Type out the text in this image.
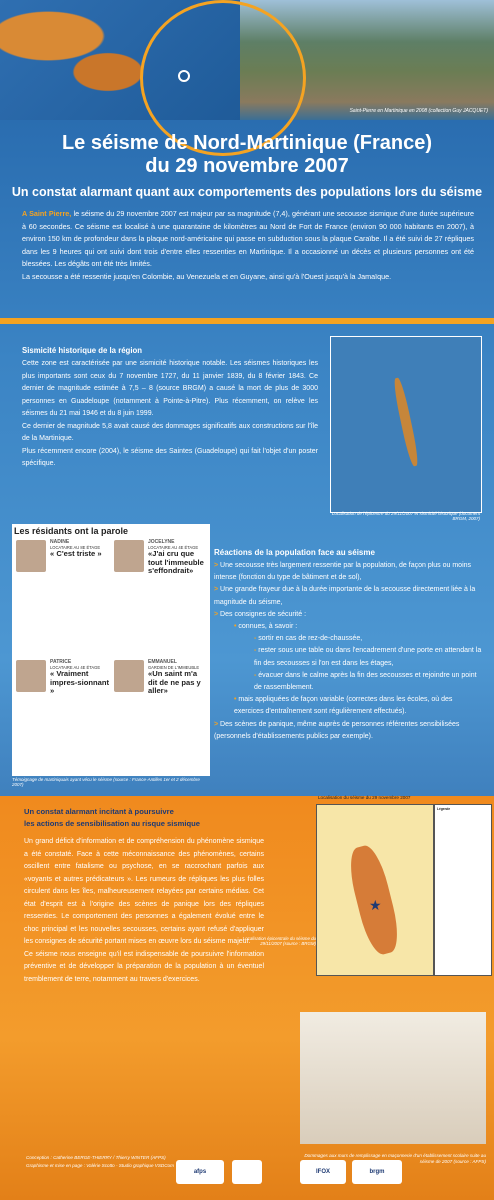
Saint-Pierre en Martinique en 2008 (collection Guy JACQUET)
Le séisme de Nord-Martinique (France)
du 29 novembre 2007
Un constat alarmant quant aux comportements des populations lors du séisme
A Saint Pierre, le séisme du 29 novembre 2007 est majeur par sa magnitude (7,4), générant une secousse sismique d'une durée supérieure à 60 secondes. Ce séisme est localisé à une quarantaine de kilomètres au Nord de Fort de France (environ 90 000 habitants en 2007), à environ 150 km de profondeur dans la plaque nord-américaine qui passe en subduction sous la plaque Caraïbe. Il a été suivi de 27 répliques dans les 9 heures qui ont suivi dont trois d'entre elles ressenties en Martinique. Il a occasionné un décès et plusieurs personnes ont été blessées. Les dégâts ont été très limités.
La secousse a été ressentie jusqu'en Colombie, au Venezuela et en Guyane, ainsi qu'à l'Ouest jusqu'à la Jamaïque.
Sismicité historique de la région
Cette zone est caractérisée par une sismicité historique notable. Les séismes historiques les plus importants sont ceux du 7 novembre 1727, du 11 janvier 1839, du 8 février 1843. Ce dernier de magnitude estimée à 7,5 – 8 (source BRGM) a causé la mort de plus de 3000 personnes en Guadeloupe (notamment à Pointe-à-Pitre). Plus récemment, on relève les séismes du 21 mai 1946 et du 8 juin 1999.
Ce dernier de magnitude 5,8 avait causé des dommages significatifs aux constructions sur l'île de la Martinique.
Plus récemment encore (2004), le séisme des Saintes (Guadeloupe) qui fait l'objet d'un poster spécifique.
Localisation de l'épicentre du 29/11/2007 et sismicité historique (document BRGM, 2007)
Les résidants ont la parole
NADINE
LOCATAIRE AU 8E ÉTAGE
« C'est triste »
JOCELYNE
LOCATAIRE AU 4E ÉTAGE
«J'ai cru que tout l'immeuble s'effondrait»
PATRICE
LOCATAIRE AU 4E ÉTAGE
« Vraiment impres-sionnant »
EMMANUEL
GARDIEN DE L'IMMEUBLE
«Un saint m'a dit de ne pas y aller»
Témoignage de martiniquais ayant vécu le séisme (source : France-Antilles 1er et 2 décembre 2007)
Réactions de la population face au séisme
> Une secousse très largement ressentie par la population, de façon plus ou moins intense (fonction du type de bâtiment et de sol),
> Une grande frayeur due à la durée importante de la secousse directement liée à la magnitude du séisme,
> Des consignes de sécurité :
• connues, à savoir :
- sortir en cas de rez-de-chaussée,
- rester sous une table ou dans l'encadrement d'une porte en attendant la fin des secousses si l'on est dans les étages,
- évacuer dans le calme après la fin des secousses et rejoindre un point de rassemblement.
• mais appliquées de façon variable (correctes dans les écoles, où des exercices d'entraînement sont régulièrement effectués).
> Des scènes de panique, même auprès de personnes référentes sensibilisées (personnels d'établissements publics par exemple).
Un constat alarmant incitant à poursuivre
les actions de sensibilisation au risque sismique
Un grand déficit d'information et de compréhension du phénomène sismique a été constaté. Face à cette méconnaissance des phénomènes, certains oscillent entre fatalisme ou psychose, en se raccrochant parfois aux «voyants et autres prédicateurs ». Les rumeurs de répliques les plus folles circulent dans les îles, malheureusement relayées par certains médias. Cet état d'esprit est à l'origine des scènes de panique lors des répliques ressenties. Le comportement des personnes a également évolué entre le choc principal et les nouvelles secousses, certains ayant refusé d'appliquer les consignes de sécurité portant mises en œuvre lors du séisme majeur.
Ce séisme nous enseigne qu'il est indispensable de poursuivre l'information préventive et de développer la préparation de la population à un éventuel tremblement de terre, notamment au travers d'exercices.
Localisation du séisme du 29 novembre 2007
★
Légende
Localisation épicentrale du séisme du 29/11/2007 (source : BRGM)
Dommages aux murs de remplissage en maçonnerie d'un établissement scolaire suite au séisme de 2007 (source : AFPS)
Conception : Catherine BERGE-THIERRY / Thierry WINTER (AFPS)
Graphisme et mise en page : Valérie Scotto - Studio graphique VSDCom
afps	IFOX	brgm
